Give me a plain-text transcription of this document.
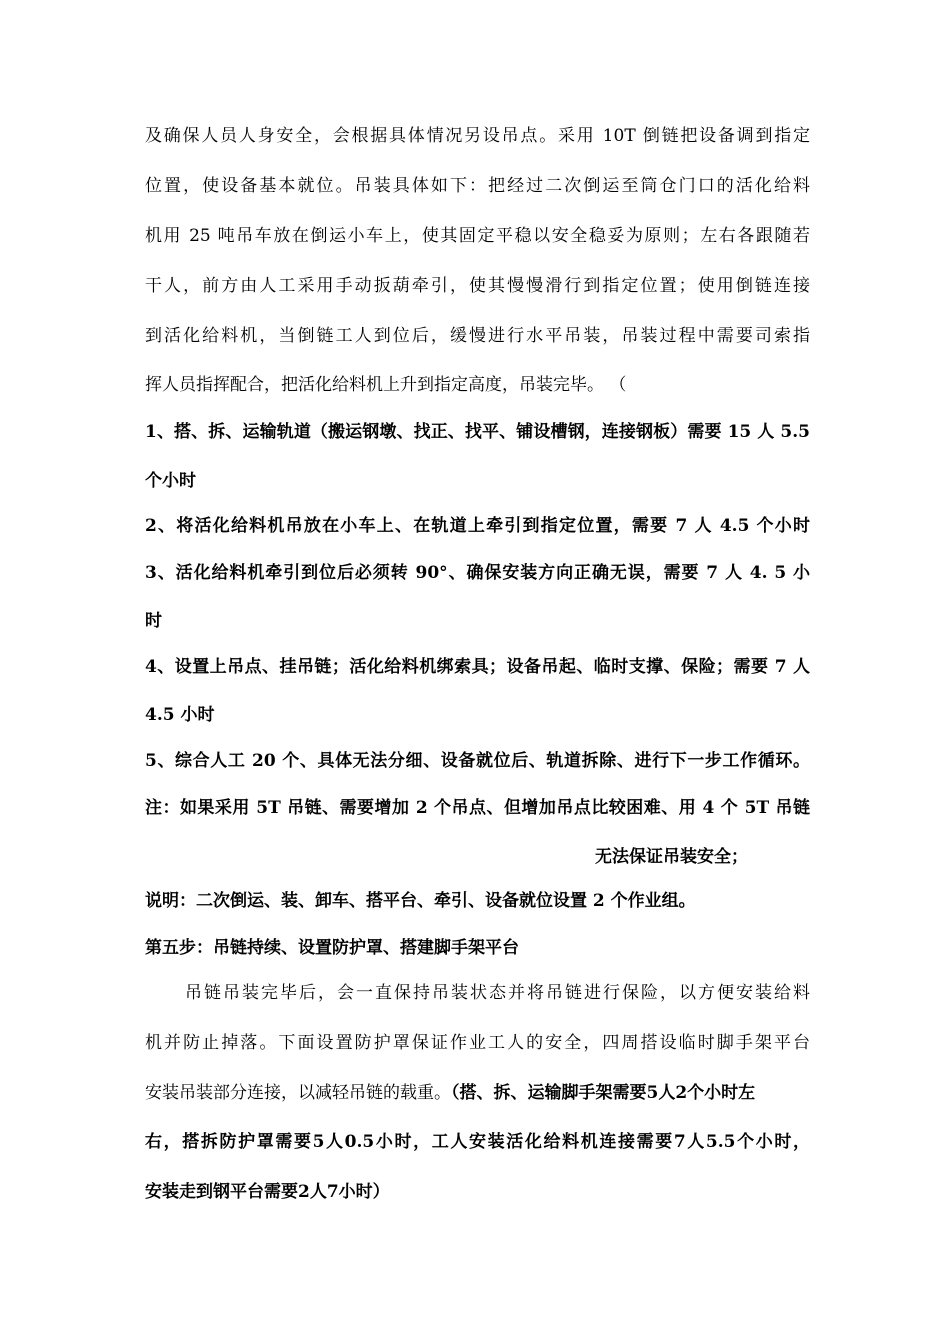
及确保人员人身安全，会根据具体情况另设吊点。采用 10T 倒链把设备调到指定
位置，使设备基本就位。吊装具体如下：把经过二次倒运至筒仓门口的活化给料
机用 25 吨吊车放在倒运小车上，使其固定平稳以安全稳妥为原则；左右各跟随若
干人，前方由人工采用手动扳葫牵引，使其慢慢滑行到指定位置；使用倒链连接
到活化给料机，当倒链工人到位后，缓慢进行水平吊装，吊装过程中需要司索指
挥人员指挥配合，把活化给料机上升到指定高度，吊装完毕。 （
1、搭、拆、运输轨道（搬运钢墩、找正、找平、铺设槽钢，连接钢板）需要 15 人 5.5
个小时
2、将活化给料机吊放在小车上、在轨道上牵引到指定位置，需要 7 人 4.5 个小时
3、活化给料机牵引到位后必须转 90°、确保安装方向正确无误，需要 7 人 4. 5 小
时
4、设置上吊点、挂吊链；活化给料机绑索具；设备吊起、临时支撑、保险；需要 7 人
4.5 小时
5、综合人工 20 个、具体无法分细、设备就位后、轨道拆除、进行下一步工作循环。
注：如果采用 5T 吊链、需要增加 2 个吊点、但增加吊点比较困难、用 4 个 5T 吊链
无法保证吊装安全；
说明：二次倒运、装、卸车、搭平台、牵引、设备就位设置 2 个作业组。
第五步：吊链持续、设置防护罩、搭建脚手架平台
吊链吊装完毕后，会一直保持吊装状态并将吊链进行保险，以方便安装给料
机并防止掉落。下面设置防护罩保证作业工人的安全，四周搭设临时脚手架平台
安装吊装部分连接，以减轻吊链的载重。（搭、拆、运输脚手架需要5人2个小时左
右，搭拆防护罩需要5人0.5小时，工人安装活化给料机连接需要7人5.5个小时，
安装走到钢平台需要2人7小时）
